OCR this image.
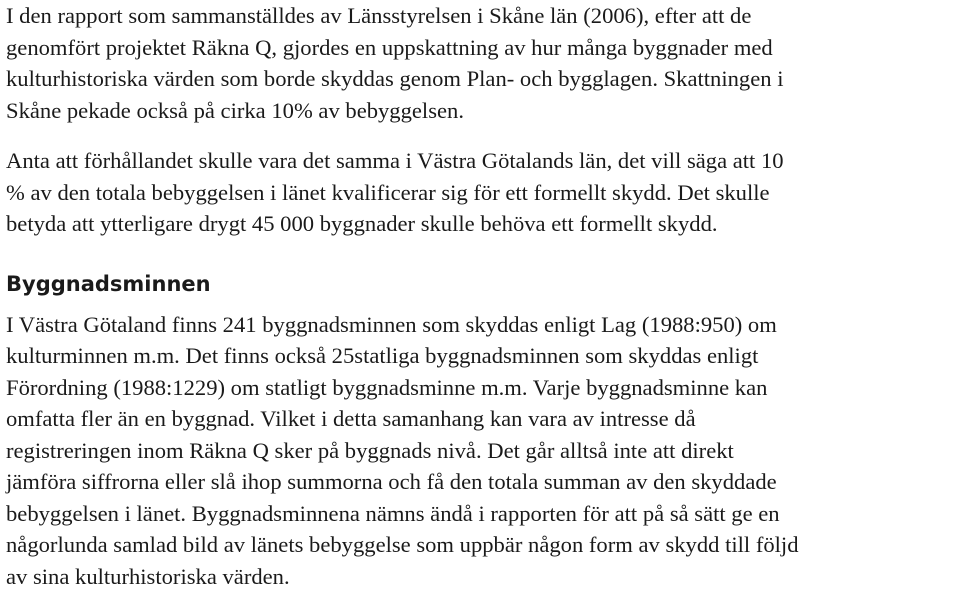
I den rapport som sammanställdes av Länsstyrelsen i Skåne län (2006), efter att de
genomfört projektet Räkna Q, gjordes en uppskattning av hur många byggnader med
kulturhistoriska värden som borde skyddas genom Plan- och bygglagen. Skattningen i
Skåne pekade också på cirka 10% av bebyggelsen.

Anta att förhållandet skulle vara det samma i Västra Götalands län, det vill säga att 10
% av den totala bebyggelsen i länet kvalificerar sig för ett formellt skydd. Det skulle
betyda att ytterligare drygt 45 000 byggnader skulle behöva ett formellt skydd.

Byggnadsminnen

I Västra Götaland finns 241 byggnadsminnen som skyddas enligt Lag (1988:950) om
kulturminnen m.m. Det finns också 25statliga byggnadsminnen som skyddas enligt
Förordning (1988:1229) om statligt byggnadsminne m.m. Varje byggnadsminne kan
omfatta fler än en byggnad. Vilket i detta samanhang kan vara av intresse då
registreringen inom Räkna Q sker på byggnads nivå. Det går alltså inte att direkt
jämföra siffrorna eller slå ihop summorna och få den totala summan av den skyddade
bebyggelsen i länet. Byggnadsminnena nämns ändå i rapporten för att på så sätt ge en
någorlunda samlad bild av länets bebyggelse som uppbär någon form av skydd till följd
av sina kulturhistoriska värden.
